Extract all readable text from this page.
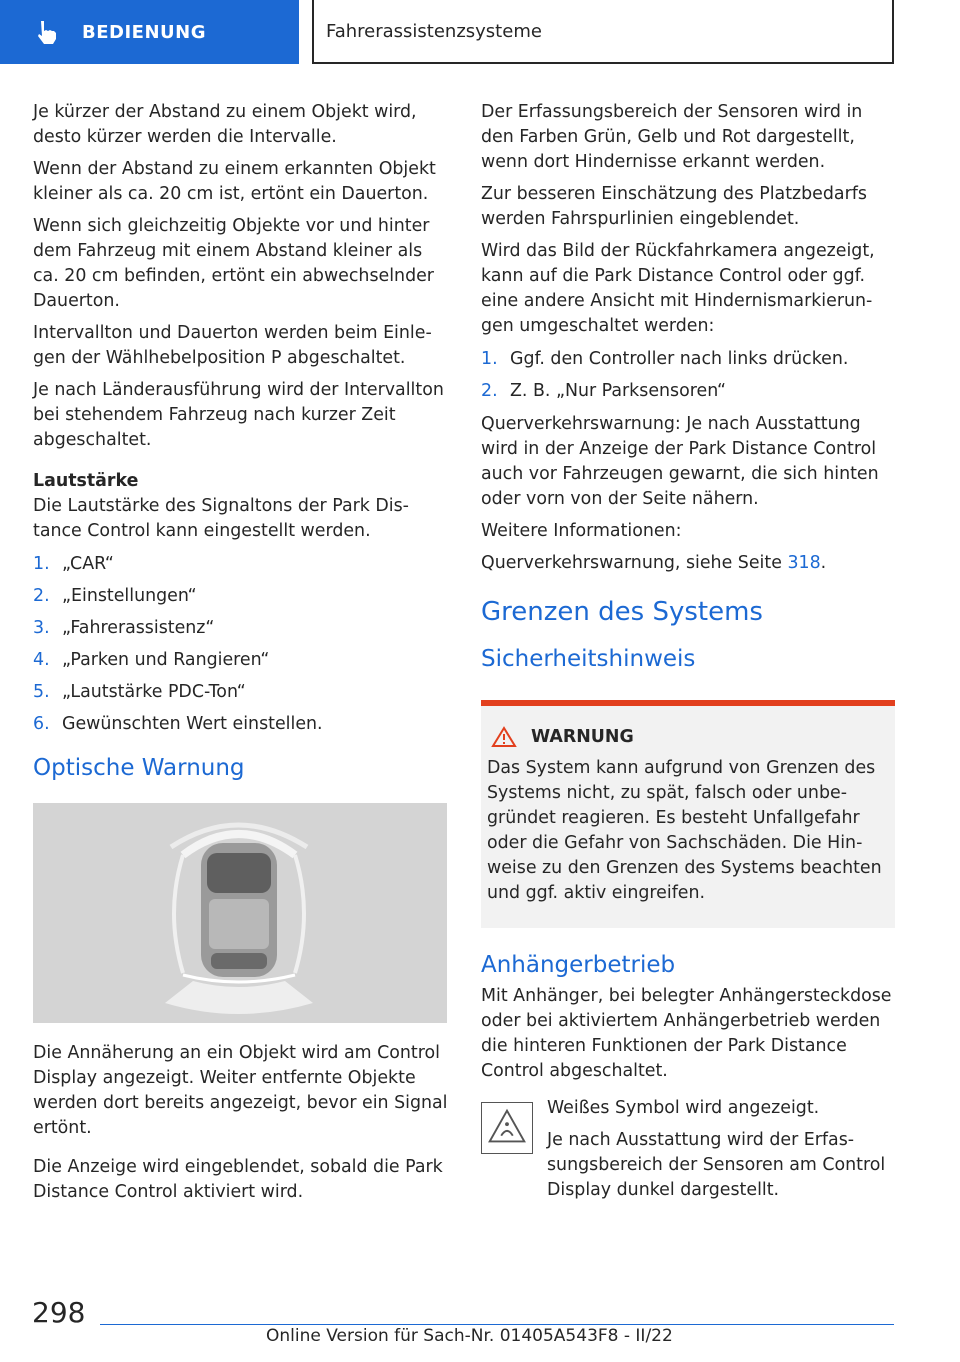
BEDIENUNG	Fahrerassistenzsysteme

Je kürzer der Abstand zu einem Objekt wird, desto kürzer werden die Intervalle.

Wenn der Abstand zu einem erkannten Objekt kleiner als ca. 20 cm ist, ertönt ein Dauerton.

Wenn sich gleichzeitig Objekte vor und hinter dem Fahrzeug mit einem Abstand kleiner als ca. 20 cm befinden, ertönt ein abwechselnder Dauerton.

Intervallton und Dauerton werden beim Einlegen der Wählhebelposition P abgeschaltet.

Je nach Länderausführung wird der Intervallton bei stehendem Fahrzeug nach kurzer Zeit abgeschaltet.

Lautstärke

Die Lautstärke des Signaltons der Park Distance Control kann eingestellt werden.

1. „CAR“
2. „Einstellungen“
3. „Fahrerassistenz“
4. „Parken und Rangieren“
5. „Lautstärke PDC-Ton“
6. Gewünschten Wert einstellen.
Optische Warnung

Die Annäherung an ein Objekt wird am Control Display angezeigt. Weiter entfernte Objekte werden dort bereits angezeigt, bevor ein Signal ertönt.

Die Anzeige wird eingeblendet, sobald die Park Distance Control aktiviert wird.

Der Erfassungsbereich der Sensoren wird in den Farben Grün, Gelb und Rot dargestellt, wenn dort Hindernisse erkannt werden.

Zur besseren Einschätzung des Platzbedarfs werden Fahrspurlinien eingeblendet.

Wird das Bild der Rückfahrkamera angezeigt, kann auf die Park Distance Control oder ggf. eine andere Ansicht mit Hindernismarkierungen umgeschaltet werden:

1. Ggf. den Controller nach links drücken.
2. Z. B. „Nur Parksensoren“

Querverkehrswarnung: Je nach Ausstattung wird in der Anzeige der Park Distance Control auch vor Fahrzeugen gewarnt, die sich hinten oder vorn von der Seite nähern.

Weitere Informationen:

Querverkehrswarnung, siehe Seite 318.

Grenzen des Systems
Sicherheitshinweis
WARNUNG

Das System kann aufgrund von Grenzen des Systems nicht, zu spät, falsch oder unbegründet reagieren. Es besteht Unfallgefahr oder die Gefahr von Sachschäden. Die Hinweise zu den Grenzen des Systems beachten und ggf. aktiv eingreifen.

Anhängerbetrieb

Mit Anhänger, bei belegter Anhängersteckdose oder bei aktiviertem Anhängerbetrieb werden die hinteren Funktionen der Park Distance Control abgeschaltet.

Weißes Symbol wird angezeigt.

Je nach Ausstattung wird der Erfassungsbereich der Sensoren am Control Display dunkel dargestellt.

298
Online Version für Sach-Nr. 01405A543F8 - II/22
